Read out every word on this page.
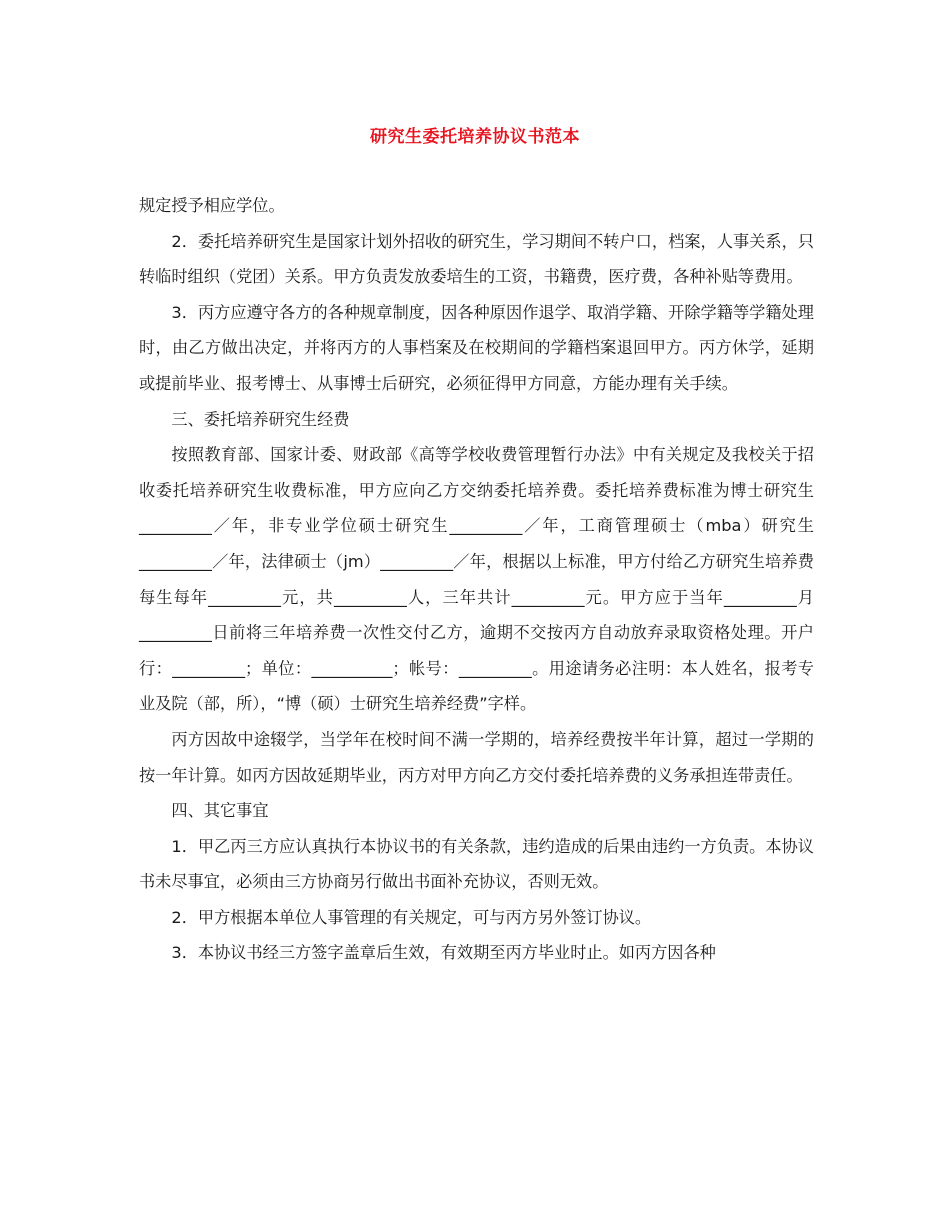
研究生委托培养协议书范本

规定授予相应学位。

2．委托培养研究生是国家计划外招收的研究生，学习期间不转户口，档案，人事关系，只转临时组织（党团）关系。甲方负责发放委培生的工资，书籍费，医疗费，各种补贴等费用。

3．丙方应遵守各方的各种规章制度，因各种原因作退学、取消学籍、开除学籍等学籍处理时，由乙方做出决定，并将丙方的人事档案及在校期间的学籍档案退回甲方。丙方休学，延期或提前毕业、报考博士、从事博士后研究，必须征得甲方同意，方能办理有关手续。

三、委托培养研究生经费

按照教育部、国家计委、财政部《高等学校收费管理暂行办法》中有关规定及我校关于招收委托培养研究生收费标准，甲方应向乙方交纳委托培养费。委托培养费标准为博士研究生_________／年，非专业学位硕士研究生_________／年，工商管理硕士（mba）研究生_________／年，法律硕士（jm）_________／年，根据以上标准，甲方付给乙方研究生培养费每生每年_________元，共_________人，三年共计_________元。甲方应于当年_________月_________日前将三年培养费一次性交付乙方，逾期不交按丙方自动放弃录取资格处理。开户行：_________；单位：__________；帐号：_________。用途请务必注明：本人姓名，报考专业及院（部，所），“博（硕）士研究生培养经费”字样。

丙方因故中途辍学，当学年在校时间不满一学期的，培养经费按半年计算，超过一学期的按一年计算。如丙方因故延期毕业，丙方对甲方向乙方交付委托培养费的义务承担连带责任。

四、其它事宜

1．甲乙丙三方应认真执行本协议书的有关条款，违约造成的后果由违约一方负责。本协议书未尽事宜，必须由三方协商另行做出书面补充协议，否则无效。

2．甲方根据本单位人事管理的有关规定，可与丙方另外签订协议。

3．本协议书经三方签字盖章后生效，有效期至丙方毕业时止。如丙方因各种
